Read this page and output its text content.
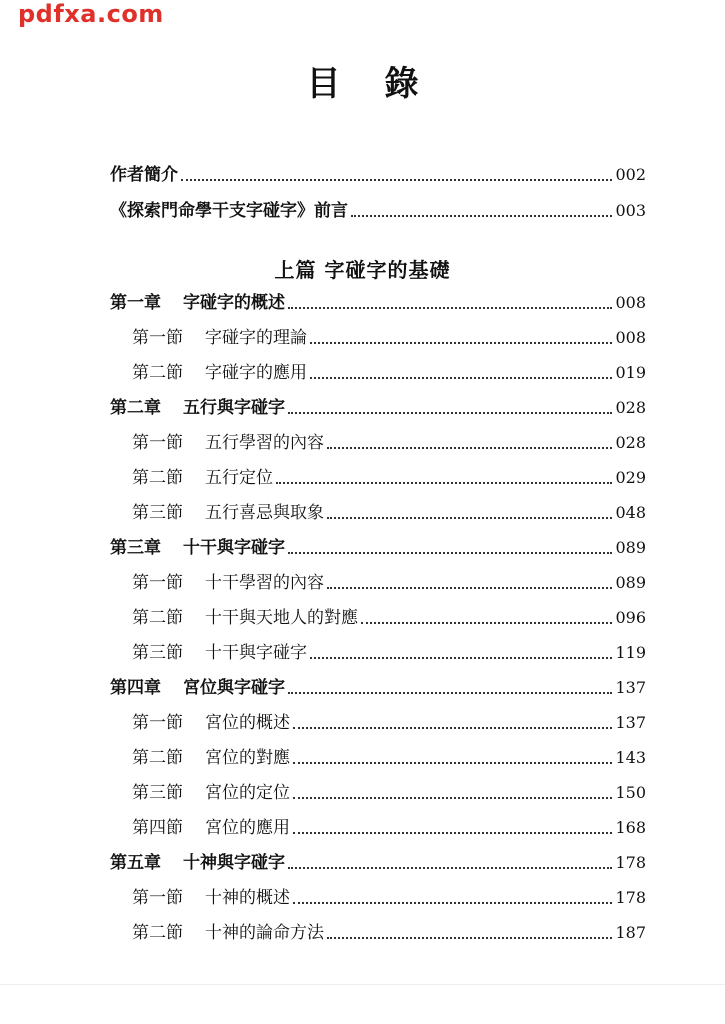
pdfxa.com
目錄
作者簡介	002
《探索門命學干支字碰字》前言	003
上篇 字碰字的基礎
第一章 字碰字的概述	008
第一節 字碰字的理論	008
第二節 字碰字的應用	019
第二章 五行與字碰字	028
第一節 五行學習的內容	028
第二節 五行定位	029
第三節 五行喜忌與取象	048
第三章 十干與字碰字	089
第一節 十干學習的內容	089
第二節 十干與天地人的對應	096
第三節 十干與字碰字	119
第四章 宮位與字碰字	137
第一節 宮位的概述	137
第二節 宮位的對應	143
第三節 宮位的定位	150
第四節 宮位的應用	168
第五章 十神與字碰字	178
第一節 十神的概述	178
第二節 十神的論命方法	187
